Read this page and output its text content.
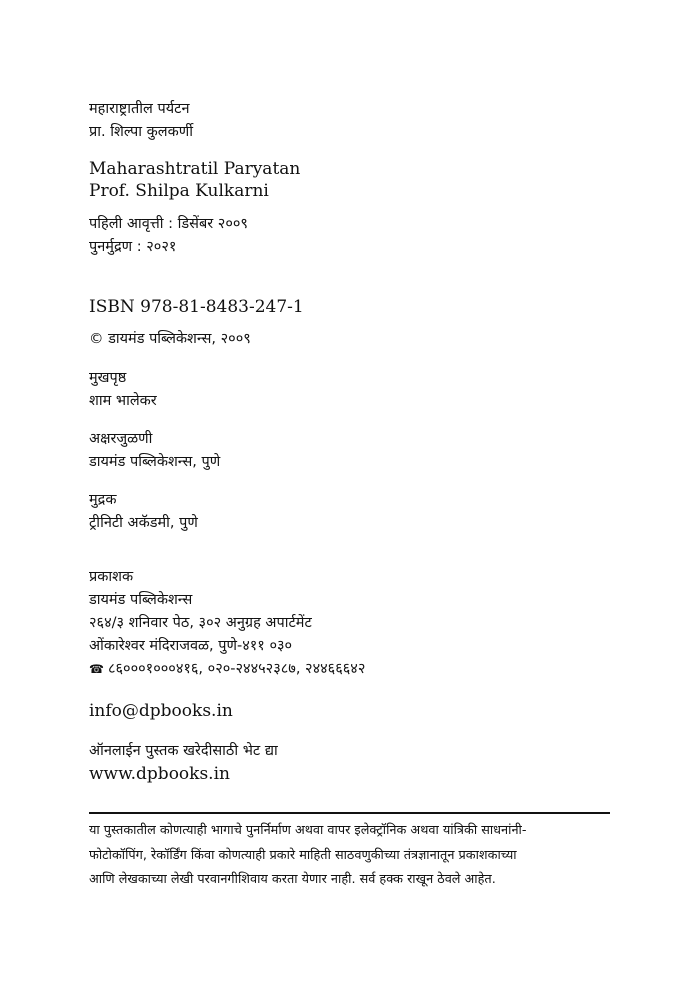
महाराष्ट्रातील पर्यटन
प्रा. शिल्पा कुलकर्णी
Maharashtratil Paryatan
Prof. Shilpa Kulkarni
पहिली आवृत्ती : डिसेंबर २००९
पुनर्मुद्रण : २०२१
ISBN 978-81-8483-247-1
© डायमंड पब्लिकेशन्स, २००९
मुखपृष्ठ
शाम भालेकर
अक्षरजुळणी
डायमंड पब्लिकेशन्स, पुणे
मुद्रक
ट्रीनिटी अकॅडमी, पुणे
प्रकाशक
डायमंड पब्लिकेशन्स
२६४/३ शनिवार पेठ, ३०२ अनुग्रह अपार्टमेंट
ओंकारेश्वर मंदिराजवळ, पुणे-४११ ०३०
☎ ८६०००१०००४१६, ०२०-२४४५२३८७, २४४६६६४२
info@dpbooks.in
ऑनलाईन पुस्तक खरेदीसाठी भेट द्या
www.dpbooks.in
या पुस्तकातील कोणत्याही भागाचे पुनर्निर्माण अथवा वापर इलेक्ट्रॉनिक अथवा यांत्रिकी साधनांनी-
फोटोकॉपिंग, रेकॉर्डिंग किंवा कोणत्याही प्रकारे माहिती साठवणुकीच्या तंत्रज्ञानातून प्रकाशकाच्या
आणि लेखकाच्या लेखी परवानगीशिवाय करता येणार नाही. सर्व हक्क राखून ठेवले आहेत.
